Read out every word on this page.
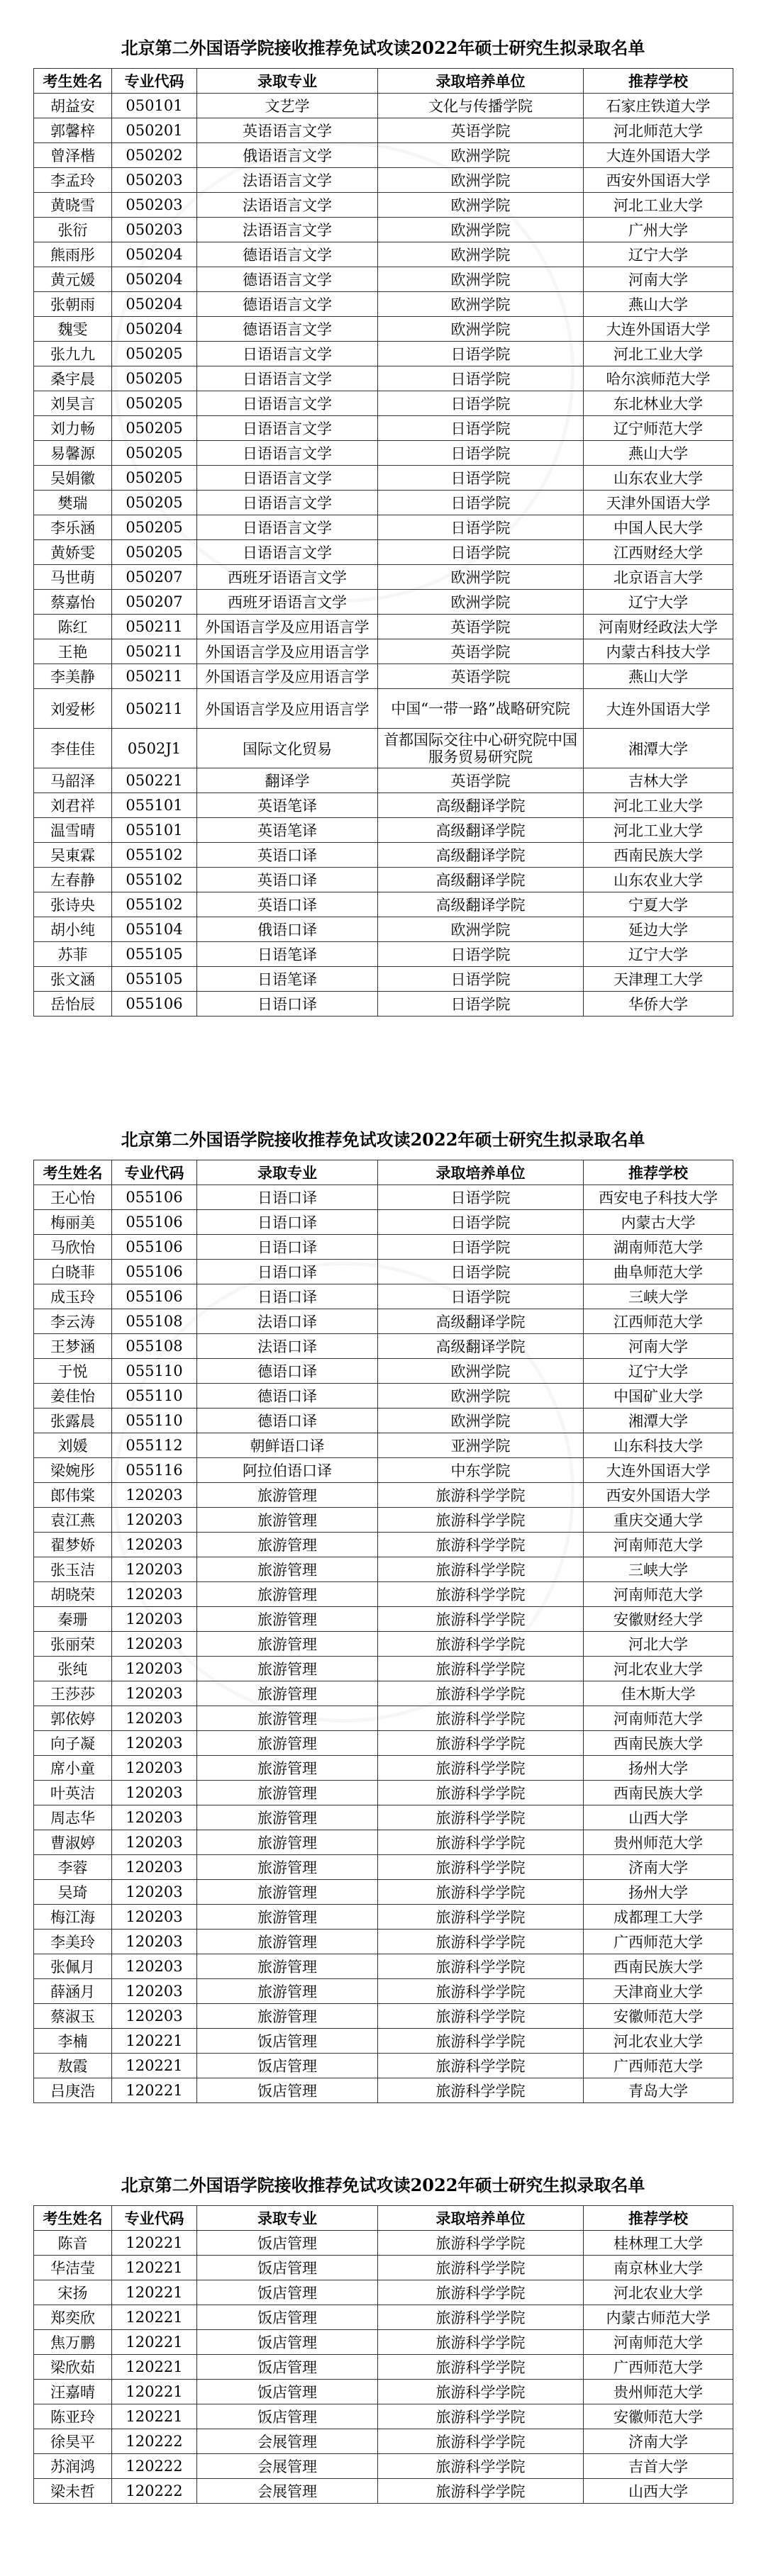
北京第二外国语学院接收推荐免试攻读2022年硕士研究生拟录取名单
考生姓名	专业代码	录取专业	录取培养单位	推荐学校
胡益安	050101	文艺学	文化与传播学院	石家庄铁道大学
郭馨梓	050201	英语语言文学	英语学院	河北师范大学
曾泽楷	050202	俄语语言文学	欧洲学院	大连外国语大学
李孟玲	050203	法语语言文学	欧洲学院	西安外国语大学
黄晓雪	050203	法语语言文学	欧洲学院	河北工业大学
张衍	050203	法语语言文学	欧洲学院	广州大学
熊雨彤	050204	德语语言文学	欧洲学院	辽宁大学
黄元媛	050204	德语语言文学	欧洲学院	河南大学
张朝雨	050204	德语语言文学	欧洲学院	燕山大学
魏雯	050204	德语语言文学	欧洲学院	大连外国语大学
张九九	050205	日语语言文学	日语学院	河北工业大学
桑宇晨	050205	日语语言文学	日语学院	哈尔滨师范大学
刘昊言	050205	日语语言文学	日语学院	东北林业大学
刘力畅	050205	日语语言文学	日语学院	辽宁师范大学
易馨源	050205	日语语言文学	日语学院	燕山大学
吴娟徽	050205	日语语言文学	日语学院	山东农业大学
樊瑞	050205	日语语言文学	日语学院	天津外国语大学
李乐涵	050205	日语语言文学	日语学院	中国人民大学
黄娇雯	050205	日语语言文学	日语学院	江西财经大学
马世萌	050207	西班牙语语言文学	欧洲学院	北京语言大学
蔡嘉怡	050207	西班牙语语言文学	欧洲学院	辽宁大学
陈红	050211	外国语言学及应用语言学	英语学院	河南财经政法大学
王艳	050211	外国语言学及应用语言学	英语学院	内蒙古科技大学
李美静	050211	外国语言学及应用语言学	英语学院	燕山大学
刘爱彬	050211	外国语言学及应用语言学	中国“一带一路”战略研究院	大连外国语大学
李佳佳	0502J1	国际文化贸易	首都国际交往中心研究院中国服务贸易研究院	湘潭大学
马韶泽	050221	翻译学	英语学院	吉林大学
刘君祥	055101	英语笔译	高级翻译学院	河北工业大学
温雪晴	055101	英语笔译	高级翻译学院	河北工业大学
吴東霖	055102	英语口译	高级翻译学院	西南民族大学
左春静	055102	英语口译	高级翻译学院	山东农业大学
张诗央	055102	英语口译	高级翻译学院	宁夏大学
胡小纯	055104	俄语口译	欧洲学院	延边大学
苏菲	055105	日语笔译	日语学院	辽宁大学
张文涵	055105	日语笔译	日语学院	天津理工大学
岳怡辰	055106	日语口译	日语学院	华侨大学
北京第二外国语学院接收推荐免试攻读2022年硕士研究生拟录取名单
考生姓名	专业代码	录取专业	录取培养单位	推荐学校
王心怡	055106	日语口译	日语学院	西安电子科技大学
梅丽美	055106	日语口译	日语学院	内蒙古大学
马欣怡	055106	日语口译	日语学院	湖南师范大学
白晓菲	055106	日语口译	日语学院	曲阜师范大学
成玉玲	055106	日语口译	日语学院	三峡大学
李云涛	055108	法语口译	高级翻译学院	江西师范大学
王梦涵	055108	法语口译	高级翻译学院	河南大学
于悦	055110	德语口译	欧洲学院	辽宁大学
姜佳怡	055110	德语口译	欧洲学院	中国矿业大学
张露晨	055110	德语口译	欧洲学院	湘潭大学
刘媛	055112	朝鲜语口译	亚洲学院	山东科技大学
梁婉彤	055116	阿拉伯语口译	中东学院	大连外国语大学
郎伟棠	120203	旅游管理	旅游科学学院	西安外国语大学
袁江燕	120203	旅游管理	旅游科学学院	重庆交通大学
翟梦娇	120203	旅游管理	旅游科学学院	河南师范大学
张玉洁	120203	旅游管理	旅游科学学院	三峡大学
胡晓荣	120203	旅游管理	旅游科学学院	河南师范大学
秦珊	120203	旅游管理	旅游科学学院	安徽财经大学
张丽荣	120203	旅游管理	旅游科学学院	河北大学
张纯	120203	旅游管理	旅游科学学院	河北农业大学
王莎莎	120203	旅游管理	旅游科学学院	佳木斯大学
郭依婷	120203	旅游管理	旅游科学学院	河南师范大学
向子凝	120203	旅游管理	旅游科学学院	西南民族大学
席小童	120203	旅游管理	旅游科学学院	扬州大学
叶英洁	120203	旅游管理	旅游科学学院	西南民族大学
周志华	120203	旅游管理	旅游科学学院	山西大学
曹淑婷	120203	旅游管理	旅游科学学院	贵州师范大学
李蓉	120203	旅游管理	旅游科学学院	济南大学
吴琦	120203	旅游管理	旅游科学学院	扬州大学
梅江海	120203	旅游管理	旅游科学学院	成都理工大学
李美玲	120203	旅游管理	旅游科学学院	广西师范大学
张佩月	120203	旅游管理	旅游科学学院	西南民族大学
薛涵月	120203	旅游管理	旅游科学学院	天津商业大学
蔡淑玉	120203	旅游管理	旅游科学学院	安徽师范大学
李楠	120221	饭店管理	旅游科学学院	河北农业大学
敖霞	120221	饭店管理	旅游科学学院	广西师范大学
吕庚浩	120221	饭店管理	旅游科学学院	青岛大学
北京第二外国语学院接收推荐免试攻读2022年硕士研究生拟录取名单
考生姓名	专业代码	录取专业	录取培养单位	推荐学校
陈音	120221	饭店管理	旅游科学学院	桂林理工大学
华洁莹	120221	饭店管理	旅游科学学院	南京林业大学
宋扬	120221	饭店管理	旅游科学学院	河北农业大学
郑奕欣	120221	饭店管理	旅游科学学院	内蒙古师范大学
焦万鹏	120221	饭店管理	旅游科学学院	河南师范大学
梁欣茹	120221	饭店管理	旅游科学学院	广西师范大学
汪嘉晴	120221	饭店管理	旅游科学学院	贵州师范大学
陈亚玲	120221	饭店管理	旅游科学学院	安徽师范大学
徐昊平	120222	会展管理	旅游科学学院	济南大学
苏润鸿	120222	会展管理	旅游科学学院	吉首大学
梁未哲	120222	会展管理	旅游科学学院	山西大学
